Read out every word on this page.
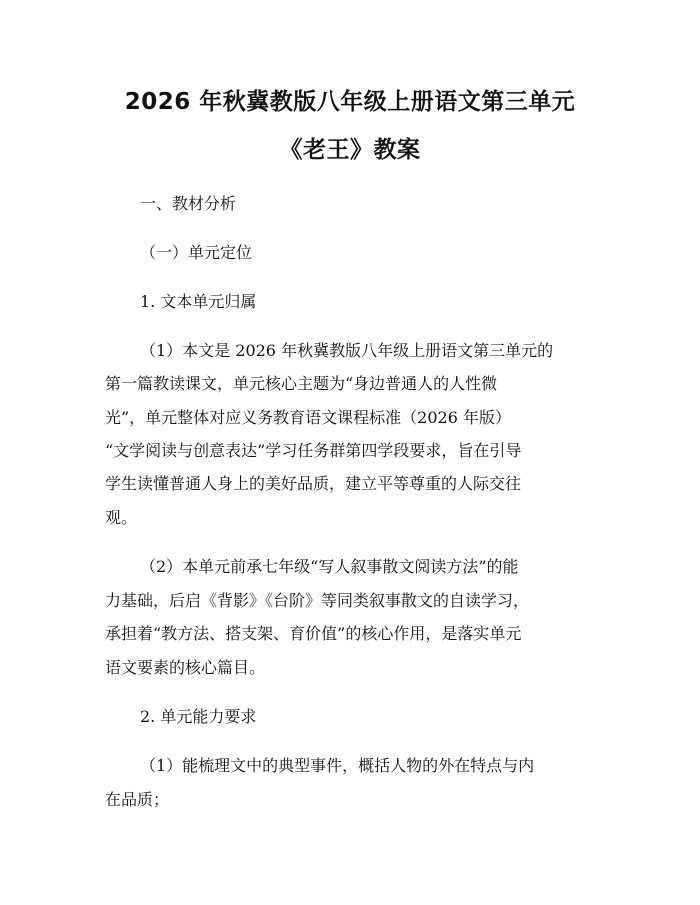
2026 年秋冀教版八年级上册语文第三单元
《老王》教案
一、教材分析
（一）单元定位
1. 文本单元归属
（1）本文是 2026 年秋冀教版八年级上册语文第三单元的
第一篇教读课文，单元核心主题为“身边普通人的人性微
光”，单元整体对应义务教育语文课程标准（2026 年版）
“文学阅读与创意表达”学习任务群第四学段要求，旨在引导
学生读懂普通人身上的美好品质，建立平等尊重的人际交往
观。
（2）本单元前承七年级“写人叙事散文阅读方法”的能
力基础，后启《背影》《台阶》等同类叙事散文的自读学习，
承担着“教方法、搭支架、育价值”的核心作用，是落实单元
语文要素的核心篇目。
2. 单元能力要求
（1）能梳理文中的典型事件，概括人物的外在特点与内
在品质；
